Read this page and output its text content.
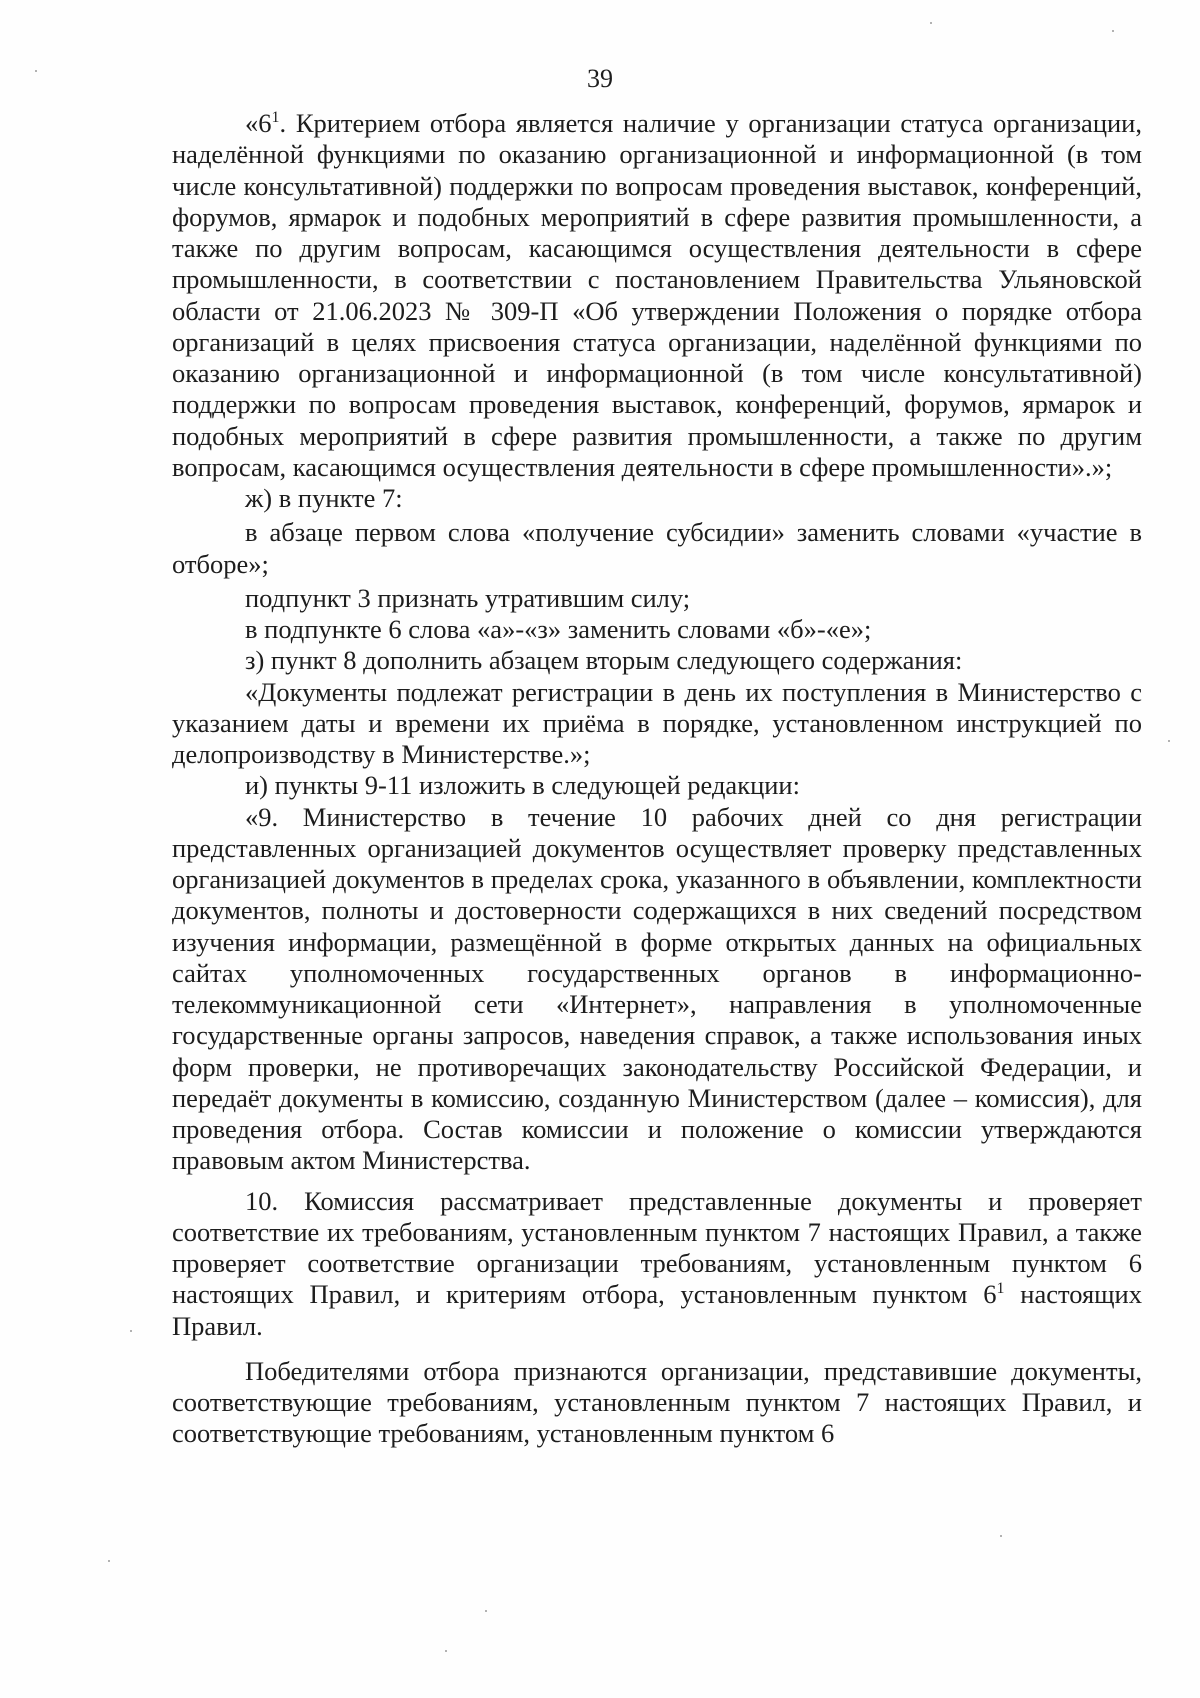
39

«$6^1$. Критерием отбора является наличие у организации статуса организации, наделённой функциями по оказанию организационной и информационной (в том числе консультативной) поддержки по вопросам проведения выставок, конференций, форумов, ярмарок и подобных мероприятий в сфере развития промышленности, а также по другим вопросам, касающимся осуществления деятельности в сфере промышленности, в соответствии с постановлением Правительства Ульяновской области от 21.06.2023 № 309-П «Об утверждении Положения о порядке отбора организаций в целях присвоения статуса организации, наделённой функциями по оказанию организационной и информационной (в том числе консультативной) поддержки по вопросам проведения выставок, конференций, форумов, ярмарок и подобных мероприятий в сфере развития промышленности, а также по другим вопросам, касающимся осуществления деятельности в сфере промышленности».»;

ж) в пункте 7:

в абзаце первом слова «получение субсидии» заменить словами «участие в отборе»;

подпункт 3 признать утратившим силу;

в подпункте 6 слова «а»-«з» заменить словами «б»-«е»;

з) пункт 8 дополнить абзацем вторым следующего содержания:

«Документы подлежат регистрации в день их поступления в Министерство с указанием даты и времени их приёма в порядке, установленном инструкцией по делопроизводству в Министерстве.»;

и) пункты 9-11 изложить в следующей редакции:

«9. Министерство в течение 10 рабочих дней со дня регистрации представленных организацией документов осуществляет проверку представленных организацией документов в пределах срока, указанного в объявлении, комплектности документов, полноты и достоверности содержащихся в них сведений посредством изучения информации, размещённой в форме открытых данных на официальных сайтах уполномоченных государственных органов в информационно-телекоммуникационной сети «Интернет», направления в уполномоченные государственные органы запросов, наведения справок, а также использования иных форм проверки, не противоречащих законодательству Российской Федерации, и передаёт документы в комиссию, созданную Министерством (далее – комиссия), для проведения отбора. Состав комиссии и положение о комиссии утверждаются правовым актом Министерства.

10. Комиссия рассматривает представленные документы и проверяет соответствие их требованиям, установленным пунктом 7 настоящих Правил, а также проверяет соответствие организации требованиям, установленным пунктом 6 настоящих Правил, и критериям отбора, установленным пунктом $6^1$ настоящих Правил.

Победителями отбора признаются организации, представившие документы, соответствующие требованиям, установленным пунктом 7 настоящих Правил, и соответствующие требованиям, установленным пунктом 6
